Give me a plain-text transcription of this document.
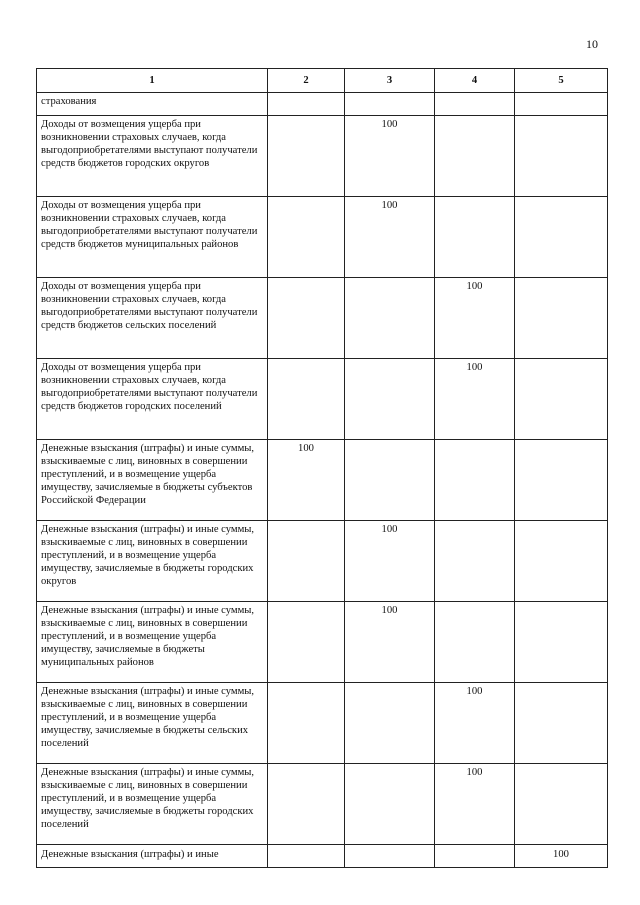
10
1	2	3	4	5
страхования				
Доходы от возмещения ущерба при возникновении страховых случаев, когда выгодоприобретателями выступают получатели средств бюджетов городских округов		100		
Доходы от возмещения ущерба при возникновении страховых случаев, когда выгодоприобретателями выступают получатели средств бюджетов муниципальных районов		100		
Доходы от возмещения ущерба при возникновении страховых случаев, когда выгодоприобретателями выступают получатели средств бюджетов сельских поселений			100	
Доходы от возмещения ущерба при возникновении страховых случаев, когда выгодоприобретателями выступают получатели средств бюджетов городских поселений			100	
Денежные взыскания (штрафы) и иные суммы, взыскиваемые с лиц, виновных в совершении преступлений, и в возмещение ущерба имуществу, зачисляемые в бюджеты субъектов Российской Федерации	100			
Денежные взыскания (штрафы) и иные суммы, взыскиваемые с лиц, виновных в совершении преступлений, и в возмещение ущерба имуществу, зачисляемые в бюджеты городских округов		100		
Денежные взыскания (штрафы) и иные суммы, взыскиваемые с лиц, виновных в совершении преступлений, и в возмещение ущерба имуществу, зачисляемые в бюджеты муниципальных районов		100		
Денежные взыскания (штрафы) и иные суммы, взыскиваемые с лиц, виновных в совершении преступлений, и в возмещение ущерба имуществу, зачисляемые в бюджеты сельских поселений			100	
Денежные взыскания (штрафы) и иные суммы, взыскиваемые с лиц, виновных в совершении преступлений, и в возмещение ущерба имуществу, зачисляемые в бюджеты городских поселений			100	
Денежные взыскания (штрафы) и иные				100
